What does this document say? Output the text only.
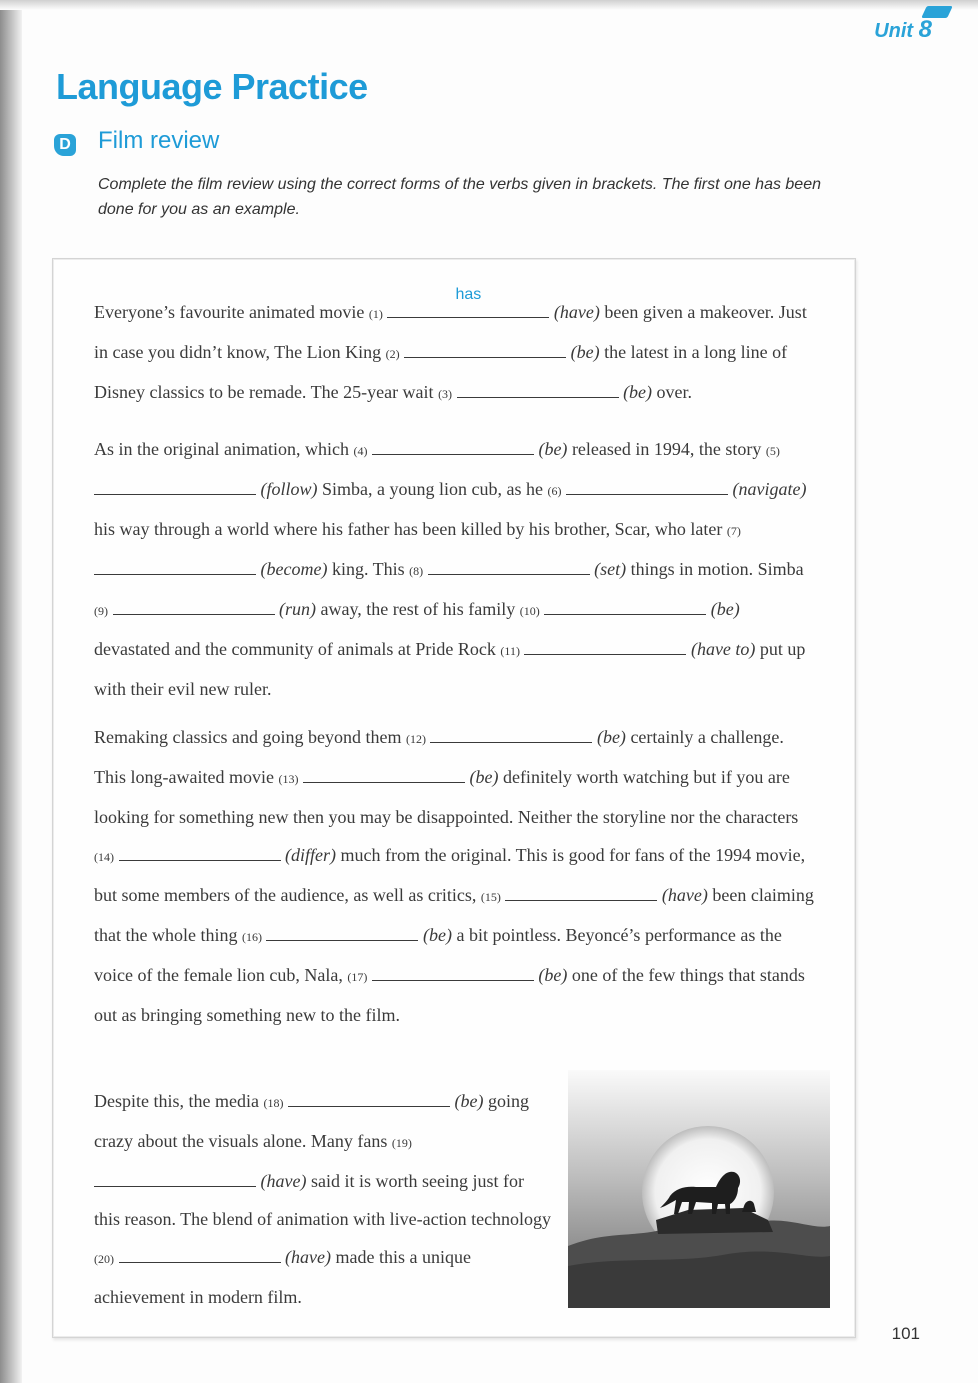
Unit 8
Language Practice
D Film review

Complete the film review using the correct forms of the verbs given in brackets. The first one has been done for you as an example.

Everyone’s favourite animated movie (1)
has
(have) been given a makeover. Just in case you didn’t know, The Lion King (2)	(be) the latest in a long line of Disney classics to be remade. The 25-year wait (3)	(be) over.

As in the original animation, which (4)	(be) released in 1994, the story (5)  (follow) Simba, a young lion cub, as he (6)	(navigate) his way through a world where his father has been killed by his brother, Scar, who later (7)  (become) king. This (8)	(set) things in motion. Simba (9)	(run) away, the rest of his family (10)	(be) devastated and the community of animals at Pride Rock (11)	(have to) put up with their evil new ruler.

Remaking classics and going beyond them (12)	(be) certainly a challenge. This long-awaited movie (13)	(be) definitely worth watching but if you are looking for something new then you may be disappointed. Neither the storyline nor the characters (14)	(differ) much from the original. This is good for fans of the 1994 movie, but some members of the audience, as well as critics, (15)	(have) been claiming that the whole thing (16)	(be) a bit pointless. Beyoncé’s performance as the voice of the female lion cub, Nala, (17)	(be) one of the few things that stands out as bringing something new to the film.

Despite this, the media (18)	(be) going crazy about the visuals alone. Many fans (19)  (have) said it is worth seeing just for this reason. The blend of animation with live-action technology (20)	(have) made this a unique achievement in modern film.

101
